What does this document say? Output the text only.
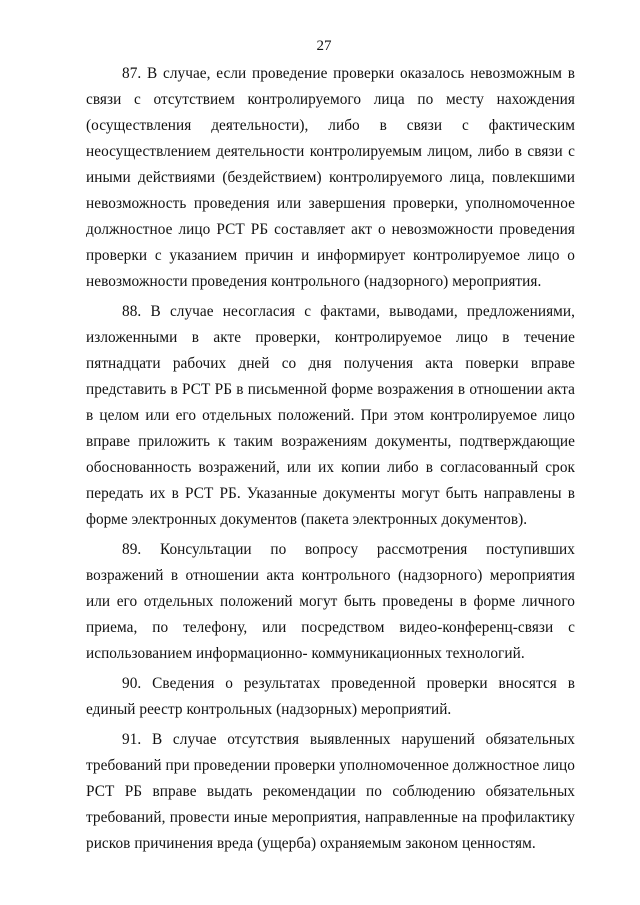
27

87. В случае, если проведение проверки оказалось невозможным в связи с отсутствием контролируемого лица по месту нахождения (осуществления деятельности), либо в связи с фактическим неосуществлением деятельности контролируемым лицом, либо в связи с иными действиями (бездействием) контролируемого лица, повлекшими невозможность проведения или завершения проверки, уполномоченное должностное лицо РСТ РБ составляет акт о невозможности проведения проверки с указанием причин и информирует контролируемое лицо о невозможности проведения контрольного (надзорного) мероприятия.

88. В случае несогласия с фактами, выводами, предложениями, изложенными в акте проверки, контролируемое лицо в течение пятнадцати рабочих дней со дня получения акта поверки вправе представить в РСТ РБ в письменной форме возражения в отношении акта в целом или его отдельных положений. При этом контролируемое лицо вправе приложить к таким возражениям документы, подтверждающие обоснованность возражений, или их копии либо в согласованный срок передать их в РСТ РБ. Указанные документы могут быть направлены в форме электронных документов (пакета электронных документов).

89. Консультации по вопросу рассмотрения поступивших возражений в отношении акта контрольного (надзорного) мероприятия или его отдельных положений могут быть проведены в форме личного приема, по телефону, или посредством видео-конференц-связи с использованием информационно- коммуникационных технологий.

90. Сведения о результатах проведенной проверки вносятся в единый реестр контрольных (надзорных) мероприятий.

91. В случае отсутствия выявленных нарушений обязательных требований при проведении проверки уполномоченное должностное лицо РСТ РБ вправе выдать рекомендации по соблюдению обязательных требований, провести иные мероприятия, направленные на профилактику рисков причинения вреда (ущерба) охраняемым законом ценностям.
